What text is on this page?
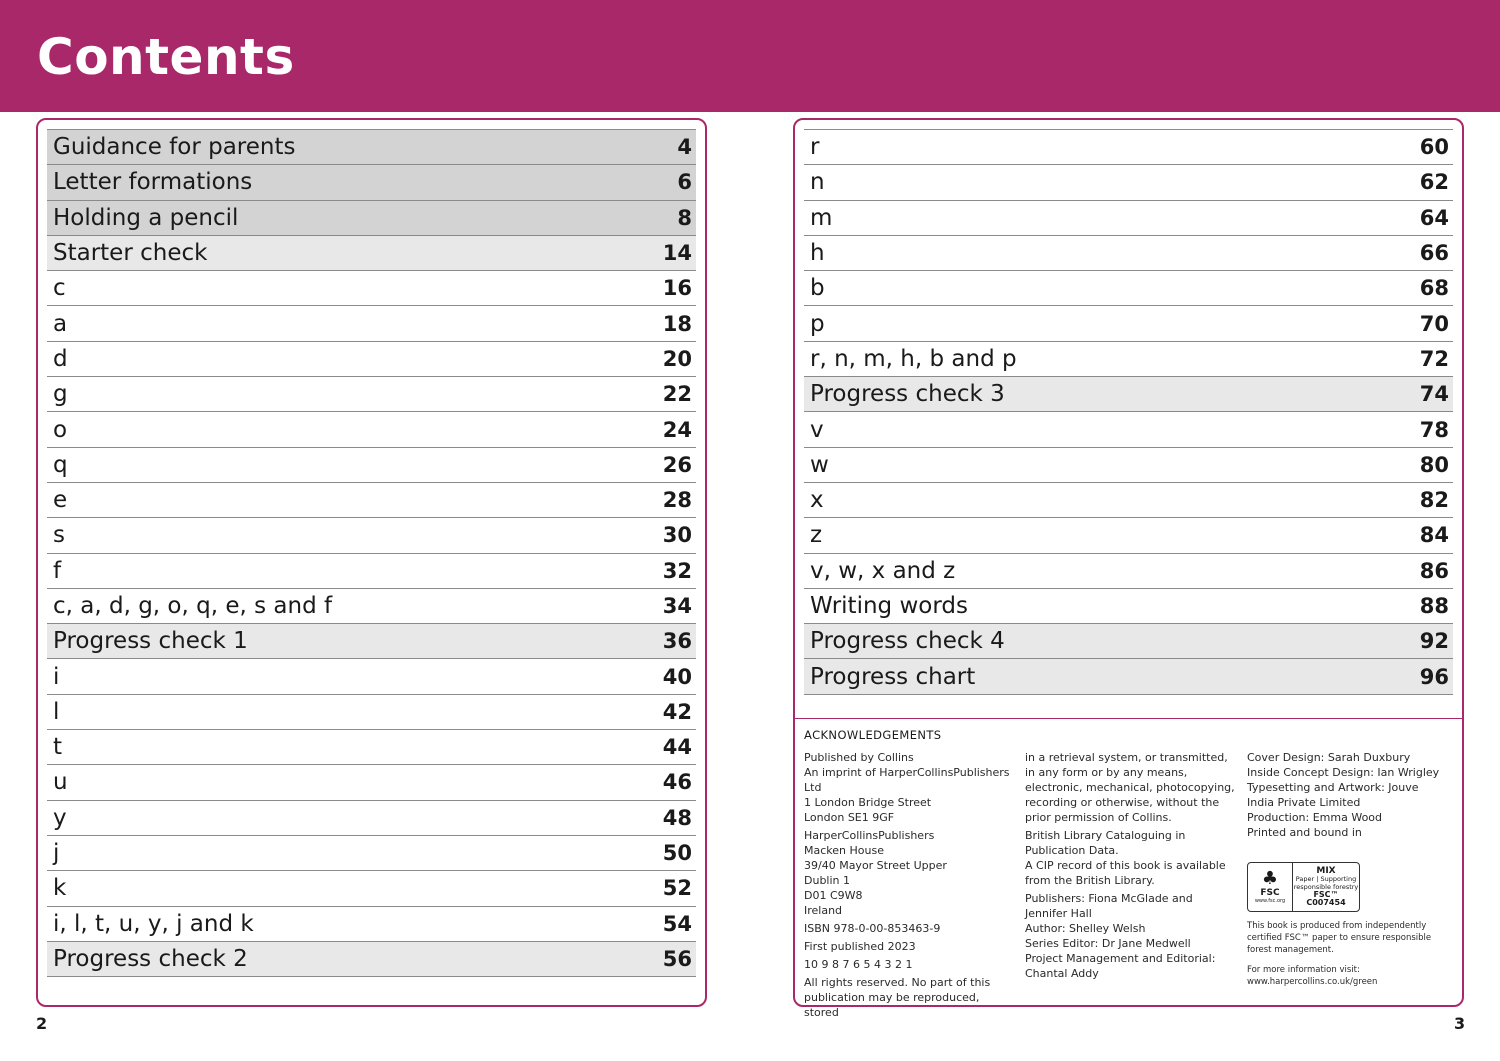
Contents
Guidance for parents	4
Letter formations	6
Holding a pencil	8
Starter check	14
c	16
a	18
d	20
g	22
o	24
q	26
e	28
s	30
f	32
c, a, d, g, o, q, e, s and f	34
Progress check 1	36
i	40
l	42
t	44
u	46
y	48
j	50
k	52
i, l, t, u, y, j and k	54
Progress check 2	56
r	60
n	62
m	64
h	66
b	68
p	70
r, n, m, h, b and p	72
Progress check 3	74
v	78
w	80
x	82
z	84
v, w, x and z	86
Writing words	88
Progress check 4	92
Progress chart	96
ACKNOWLEDGEMENTS

Published by Collins
An imprint of HarperCollinsPublishers Ltd
1 London Bridge Street
London SE1 9GF

HarperCollinsPublishers
Macken House
39/40 Mayor Street Upper
Dublin 1
D01 C9W8
Ireland

ISBN 978-0-00-853463-9

First published 2023

10 9 8 7 6 5 4 3 2 1

All rights reserved. No part of this publication may be reproduced, stored

in a retrieval system, or transmitted, in any form or by any means, electronic, mechanical, photocopying, recording or otherwise, without the prior permission of Collins.

British Library Cataloguing in Publication Data.
A CIP record of this book is available from the British Library.

Publishers: Fiona McGlade and Jennifer Hall
Author: Shelley Welsh
Series Editor: Dr Jane Medwell
Project Management and Editorial: Chantal Addy

Cover Design: Sarah Duxbury
Inside Concept Design: Ian Wrigley
Typesetting and Artwork: Jouve India Private Limited
Production: Emma Wood
Printed and bound in

♣
FSC
www.fsc.org
MIX
Paper | Supporting responsible forestry
FSC™ C007454

This book is produced from independently certified FSC™ paper to ensure responsible forest management.

For more information visit: www.harpercollins.co.uk/green

2	3
